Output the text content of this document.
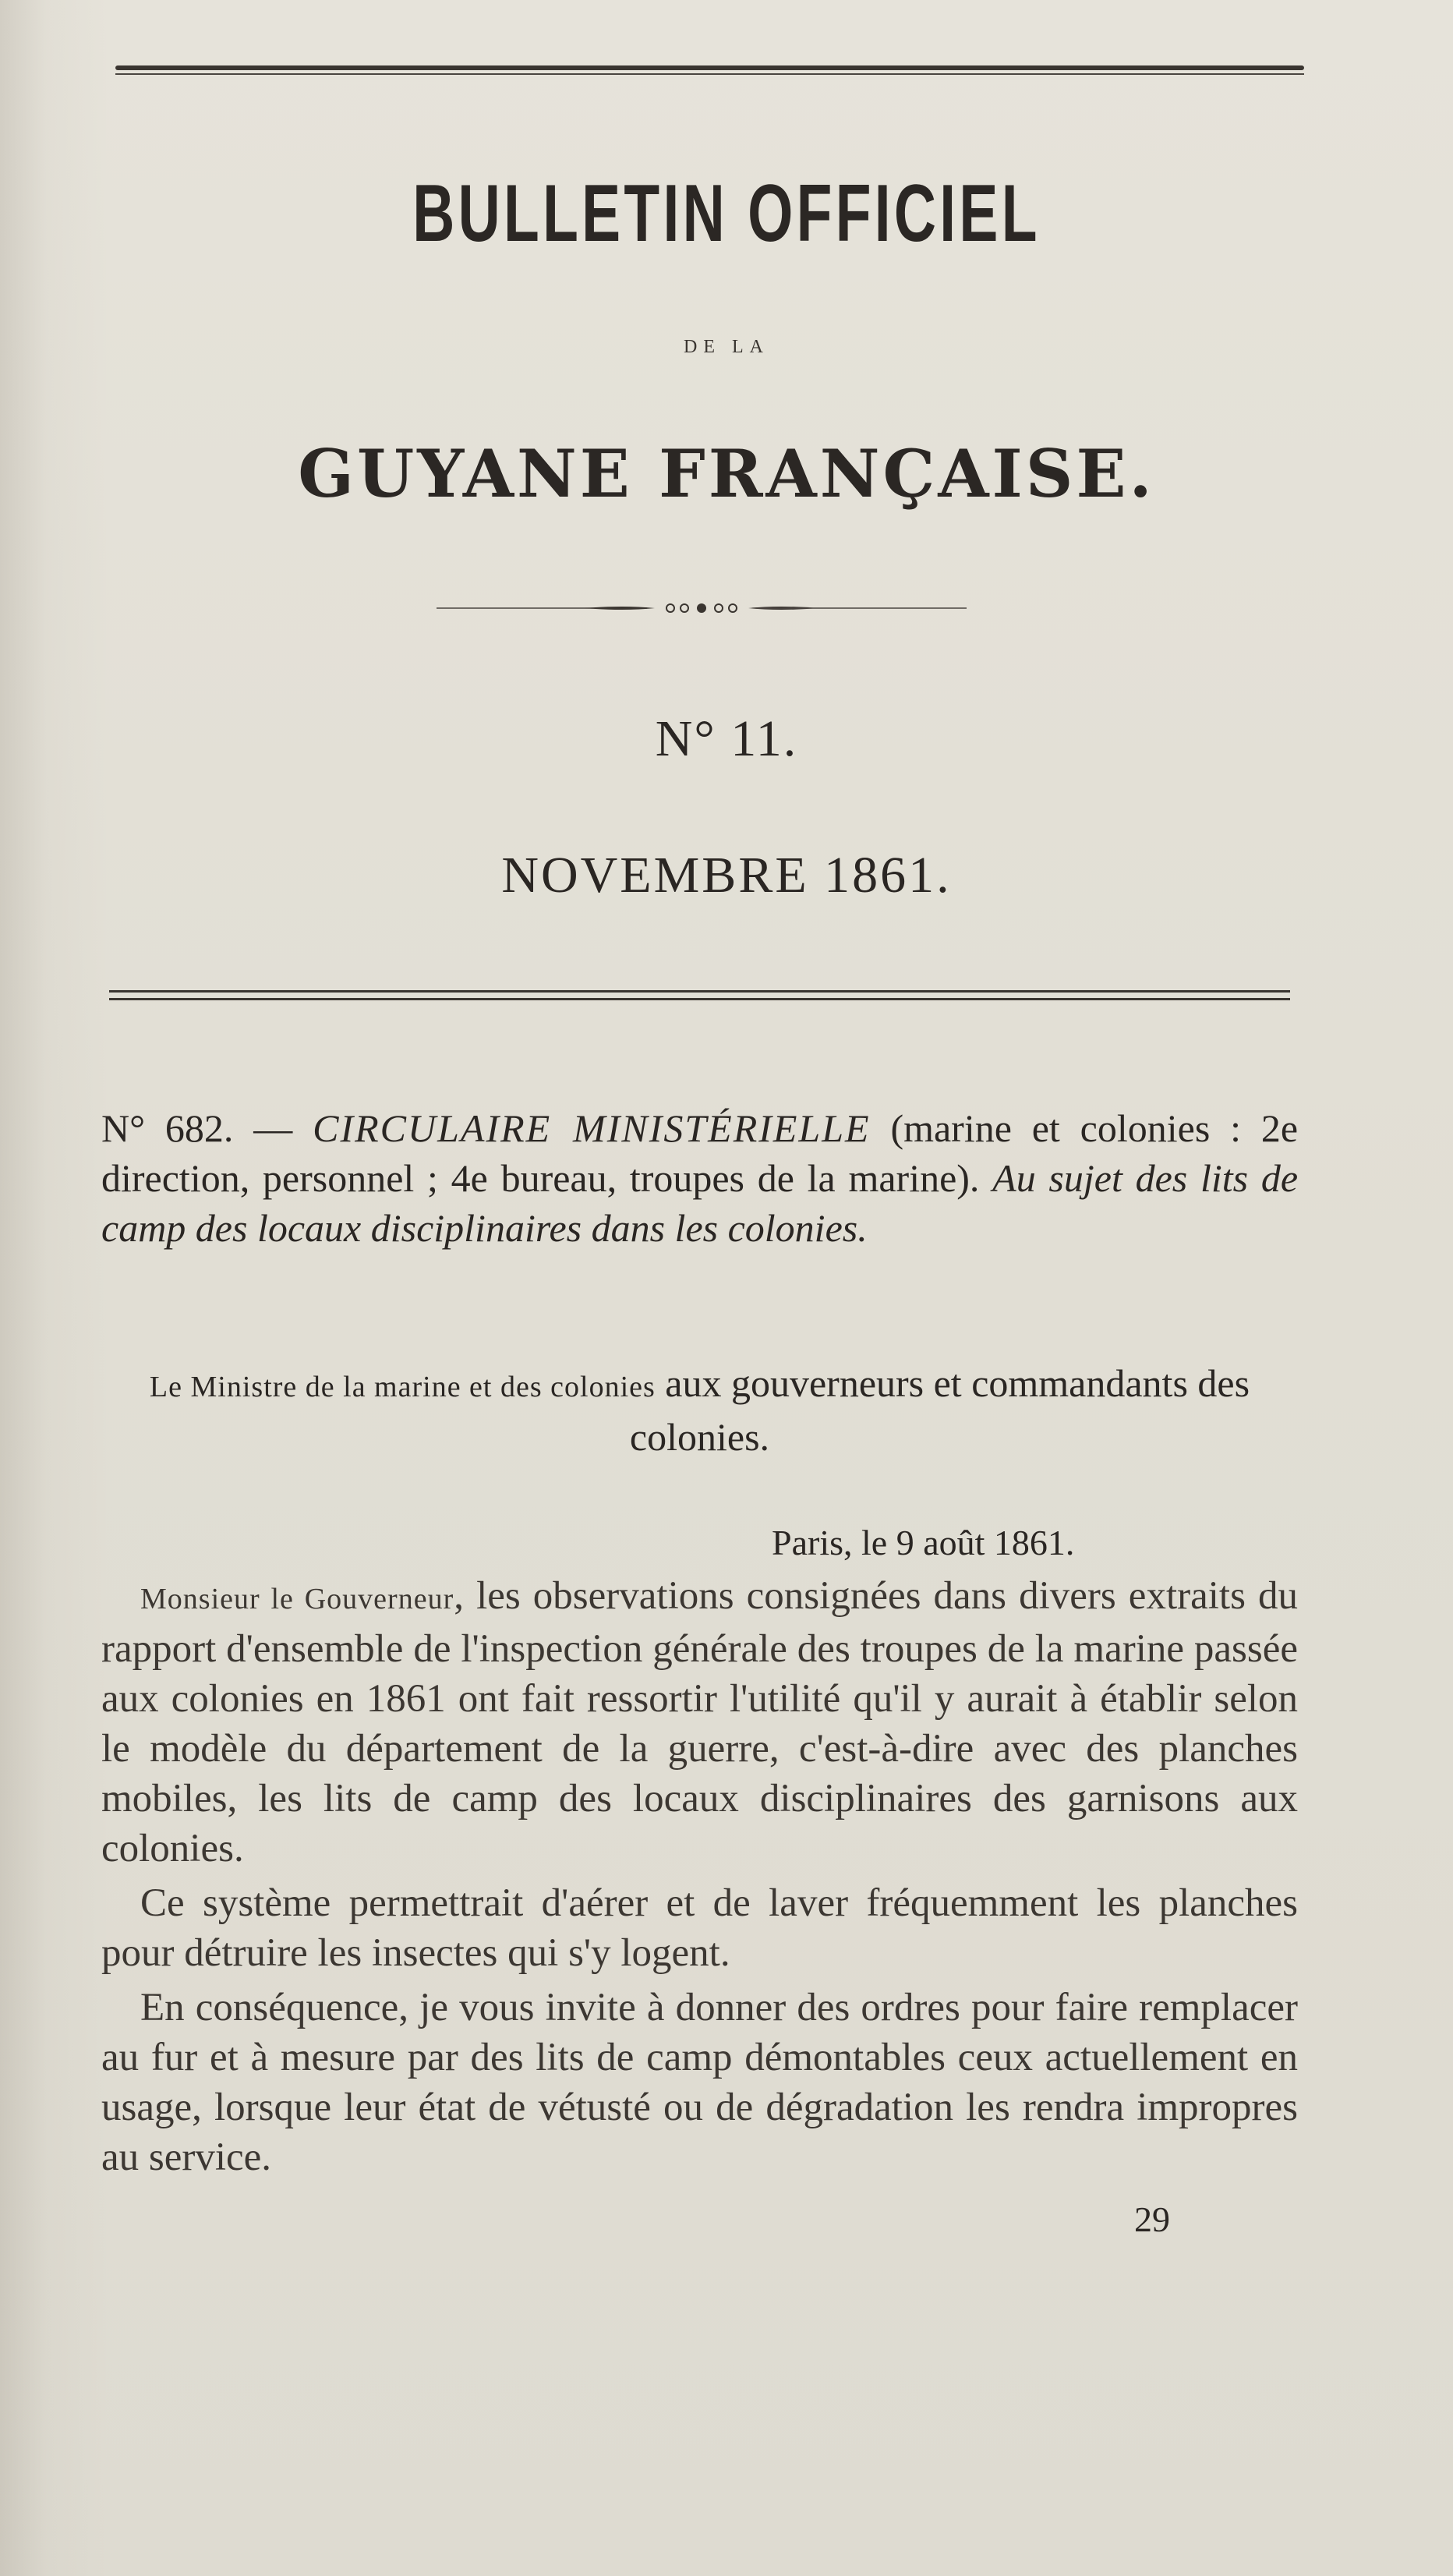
BULLETIN OFFICIEL
DE LA
GUYANE FRANÇAISE.
N° 11.
NOVEMBRE 1861.
N° 682. — CIRCULAIRE MINISTÉRIELLE (marine et colonies : 2e direction, personnel ; 4e bureau, troupes de la marine). Au sujet des lits de camp des locaux disciplinaires dans les colonies.
Le Ministre de la marine et des colonies aux gouverneurs et commandants des colonies.
Paris, le 9 août 1861.

Monsieur le Gouverneur, les observations consignées dans divers extraits du rapport d'ensemble de l'inspection générale des troupes de la marine passée aux colonies en 1861 ont fait ressortir l'utilité qu'il y aurait à établir selon le modèle du département de la guerre, c'est-à-dire avec des planches mobiles, les lits de camp des locaux disciplinaires des garnisons aux colonies.

Ce système permettrait d'aérer et de laver fréquemment les planches pour détruire les insectes qui s'y logent.

En conséquence, je vous invite à donner des ordres pour faire remplacer au fur et à mesure par des lits de camp démontables ceux actuellement en usage, lorsque leur état de vétusté ou de dégradation les rendra impropres au service.

29
